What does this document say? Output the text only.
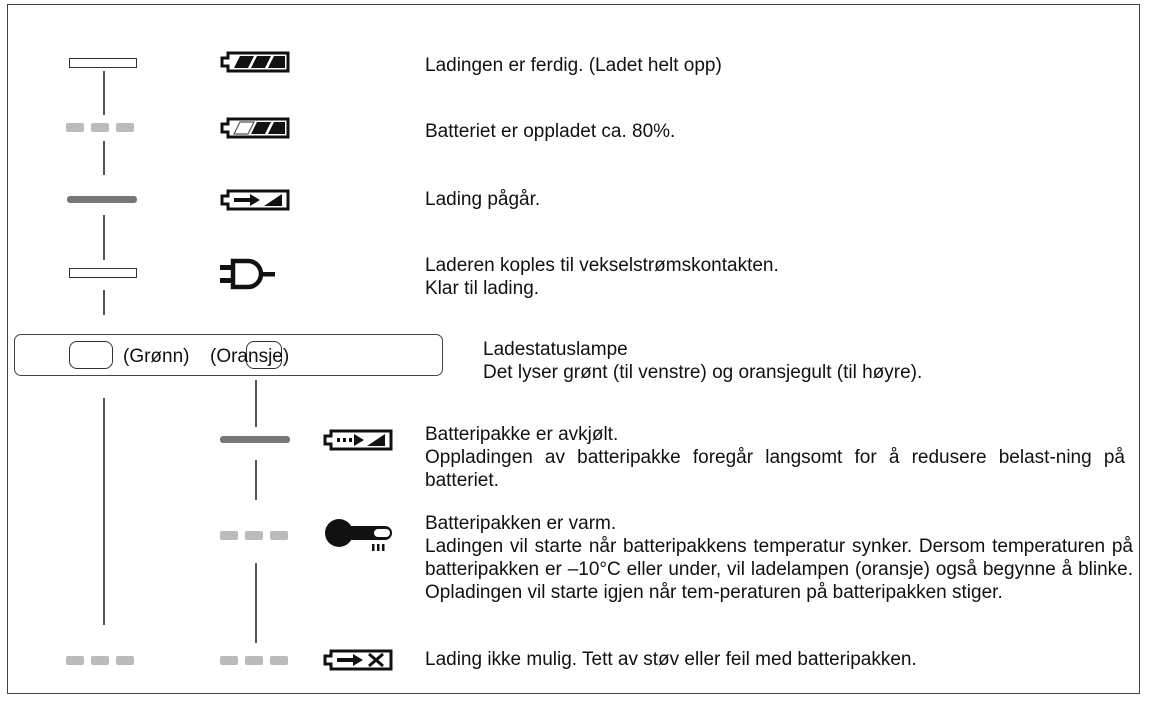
Ladingen er ferdig. (Ladet helt opp)
Batteriet er oppladet ca. 80%.
Lading pågår.
Laderen koples til vekselstrømskontakten.
Klar til lading.
(Grønn) (Oransje)	Ladestatuslampe
Det lyser grønt (til venstre) og oransjegult (til høyre).
Batteripakke er avkjølt.
Oppladingen av batteripakke foregår langsomt for å redusere belast-ning på batteriet.
Batteripakken er varm.
Ladingen vil starte når batteripakkens temperatur synker. Dersom temperaturen på batteripakken er –10°C eller under, vil ladelampen (oransje) også begynne å blinke. Opladingen vil starte igjen når tem-peraturen på batteripakken stiger.
Lading ikke mulig. Tett av støv eller feil med batteripakken.
